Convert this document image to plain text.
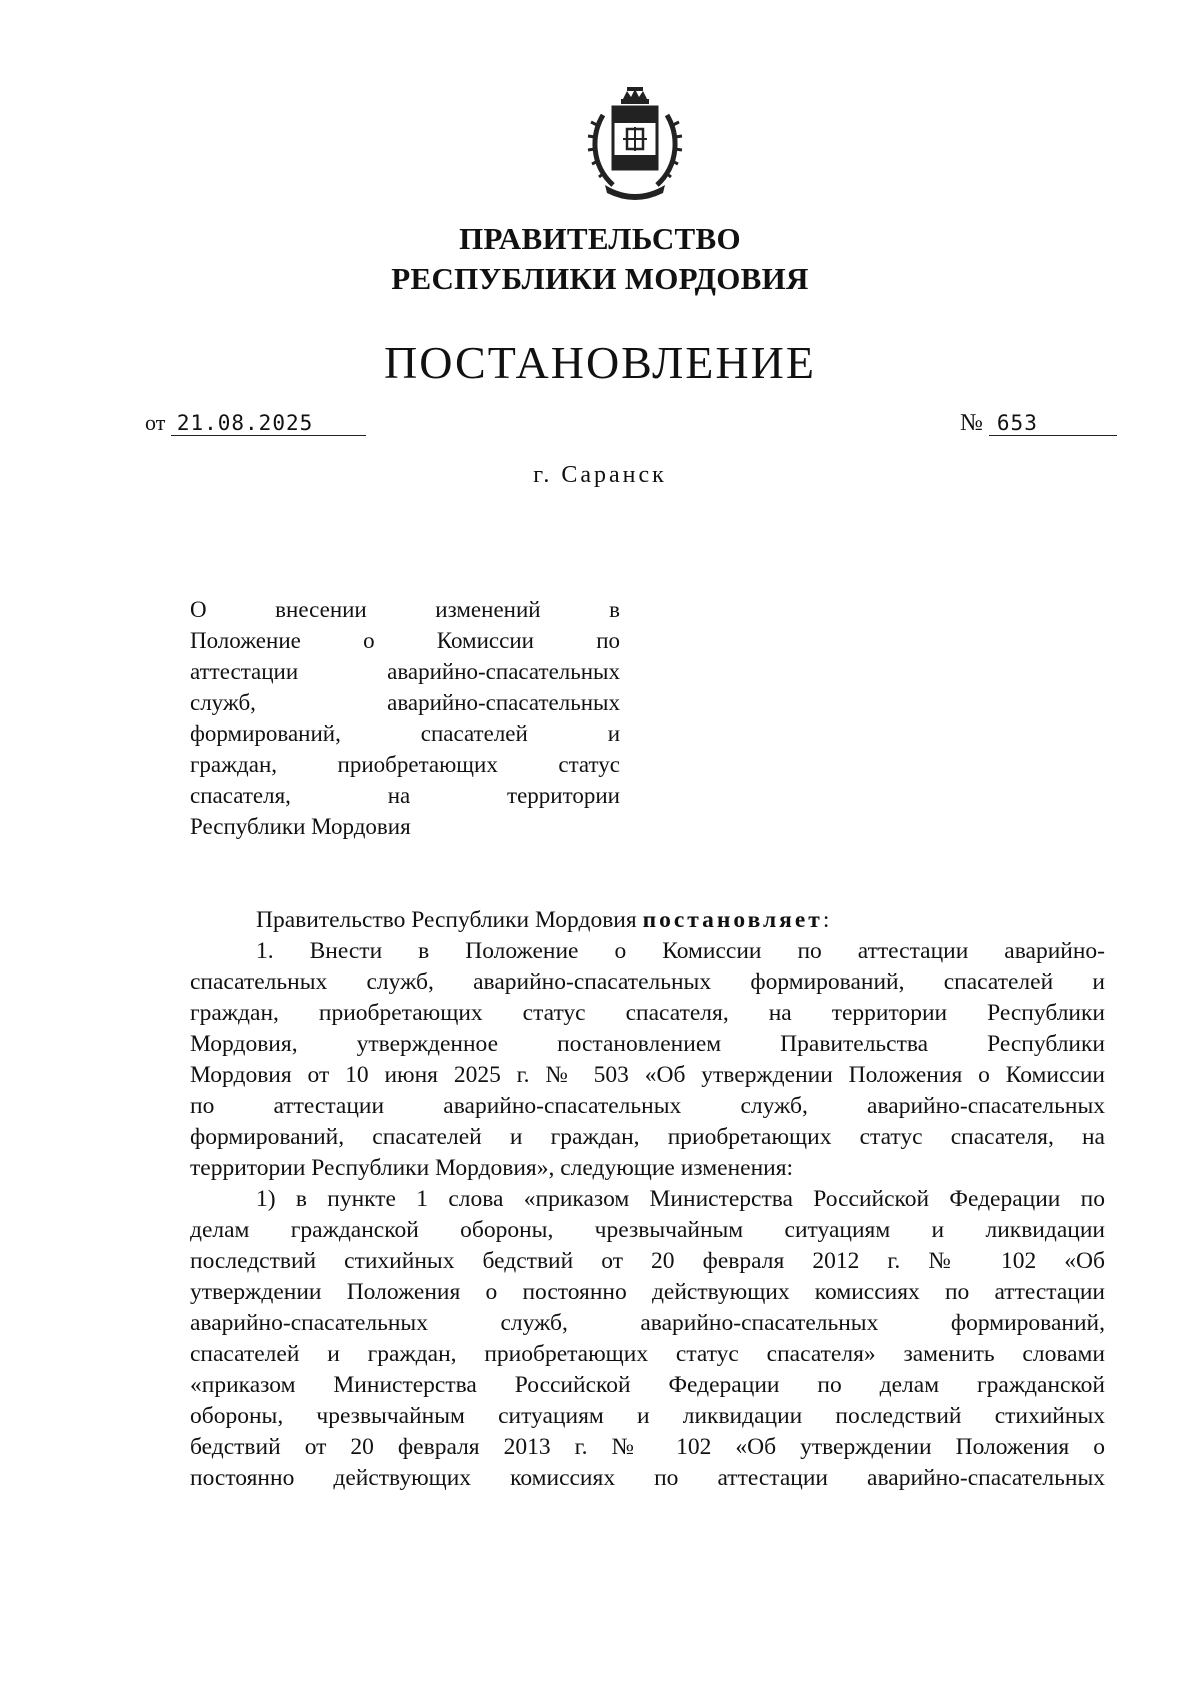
ПРАВИТЕЛЬСТВО
РЕСПУБЛИКИ МОРДОВИЯ
ПОСТАНОВЛЕНИЕ
от 21.08.2025	№ 653
г. Саранск
О внесении изменений в
Положение о Комиссии по
аттестации аварийно-спасательных
служб, аварийно-спасательных
формирований, спасателей и
граждан, приобретающих статус
спасателя, на территории
Республики Мордовия
Правительство Республики Мордовия постановляет:
1. Внести в Положение о Комиссии по аттестации аварийно-
спасательных служб, аварийно-спасательных формирований, спасателей и
граждан, приобретающих статус спасателя, на территории Республики
Мордовия, утвержденное постановлением Правительства Республики
Мордовия от 10 июня 2025 г. № 503 «Об утверждении Положения о Комиссии
по аттестации аварийно-спасательных служб, аварийно-спасательных
формирований, спасателей и граждан, приобретающих статус спасателя, на
территории Республики Мордовия», следующие изменения:
1) в пункте 1 слова «приказом Министерства Российской Федерации по
делам гражданской обороны, чрезвычайным ситуациям и ликвидации
последствий стихийных бедствий от 20 февраля 2012 г. № 102 «Об
утверждении Положения о постоянно действующих комиссиях по аттестации
аварийно-спасательных служб, аварийно-спасательных формирований,
спасателей и граждан, приобретающих статус спасателя» заменить словами
«приказом Министерства Российской Федерации по делам гражданской
обороны, чрезвычайным ситуациям и ликвидации последствий стихийных
бедствий от 20 февраля 2013 г. № 102 «Об утверждении Положения о
постоянно действующих комиссиях по аттестации аварийно-спасательных
